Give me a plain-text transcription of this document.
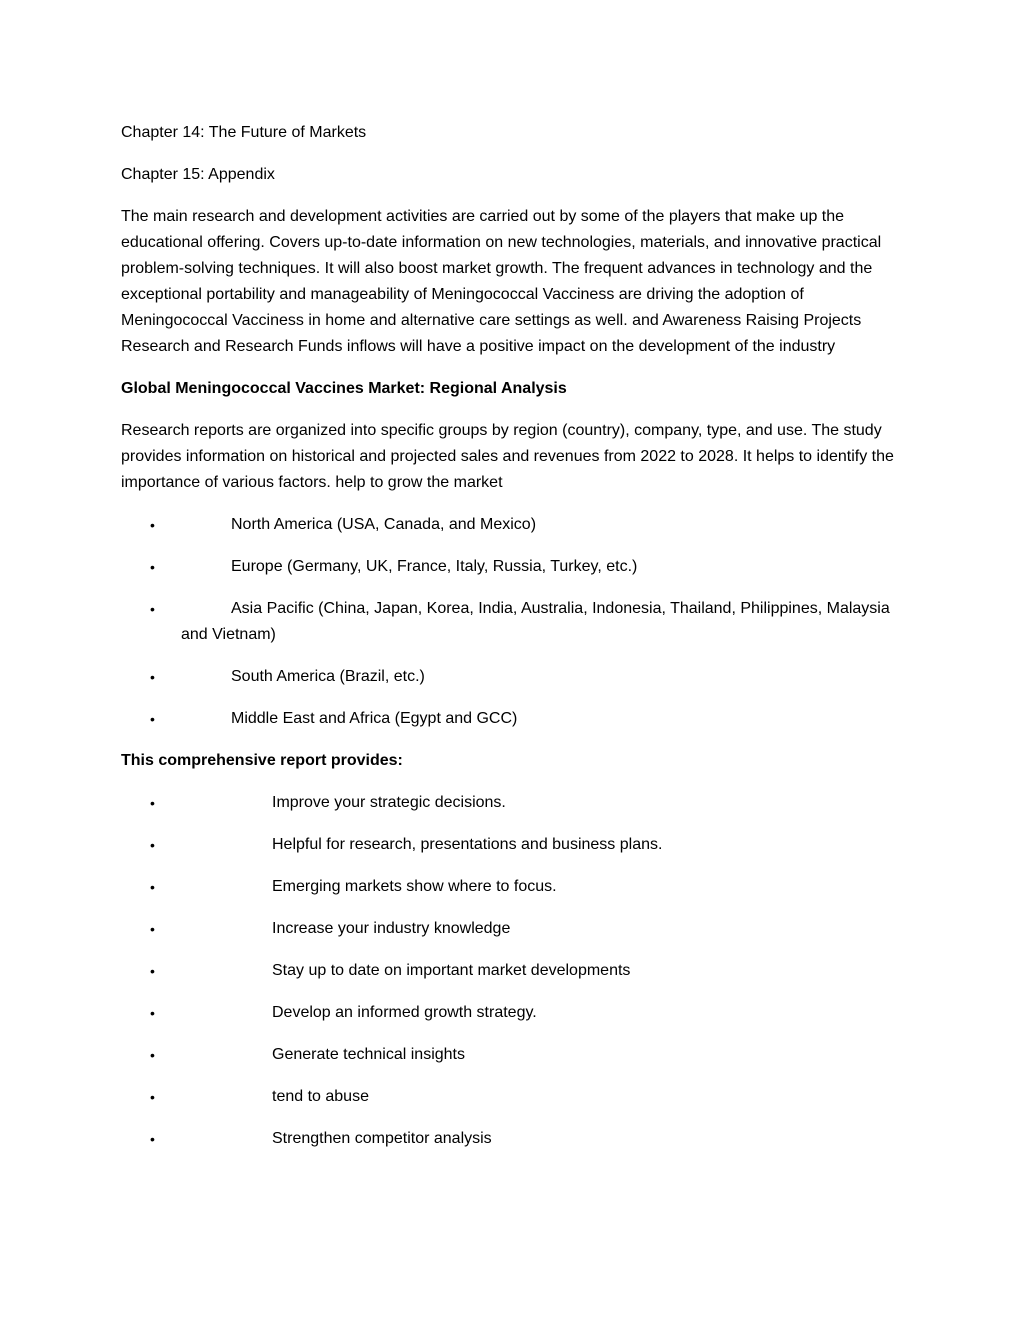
Chapter 14: The Future of Markets

Chapter 15: Appendix

The main research and development activities are carried out by some of the players that make up the educational offering. Covers up-to-date information on new technologies, materials, and innovative practical problem-solving techniques. It will also boost market growth. The frequent advances in technology and the exceptional portability and manageability of Meningococcal Vacciness are driving the adoption of Meningococcal Vacciness in home and alternative care settings as well. and Awareness Raising Projects Research and Research Funds inflows will have a positive impact on the development of the industry

Global Meningococcal Vaccines Market: Regional Analysis

Research reports are organized into specific groups by region (country), company, type, and use. The study provides information on historical and projected sales and revenues from 2022 to 2028. It helps to identify the importance of various factors. help to grow the market

•	North America (USA, Canada, and Mexico)
•	Europe (Germany, UK, France, Italy, Russia, Turkey, etc.)
•	Asia Pacific (China, Japan, Korea, India, Australia, Indonesia, Thailand, Philippines, Malaysia and Vietnam)
•	South America (Brazil, etc.)
•	Middle East and Africa (Egypt and GCC)

This comprehensive report provides:

•	Improve your strategic decisions.
•	Helpful for research, presentations and business plans.
•	Emerging markets show where to focus.
•	Increase your industry knowledge
•	Stay up to date on important market developments
•	Develop an informed growth strategy.
•	Generate technical insights
•	tend to abuse
•	Strengthen competitor analysis
